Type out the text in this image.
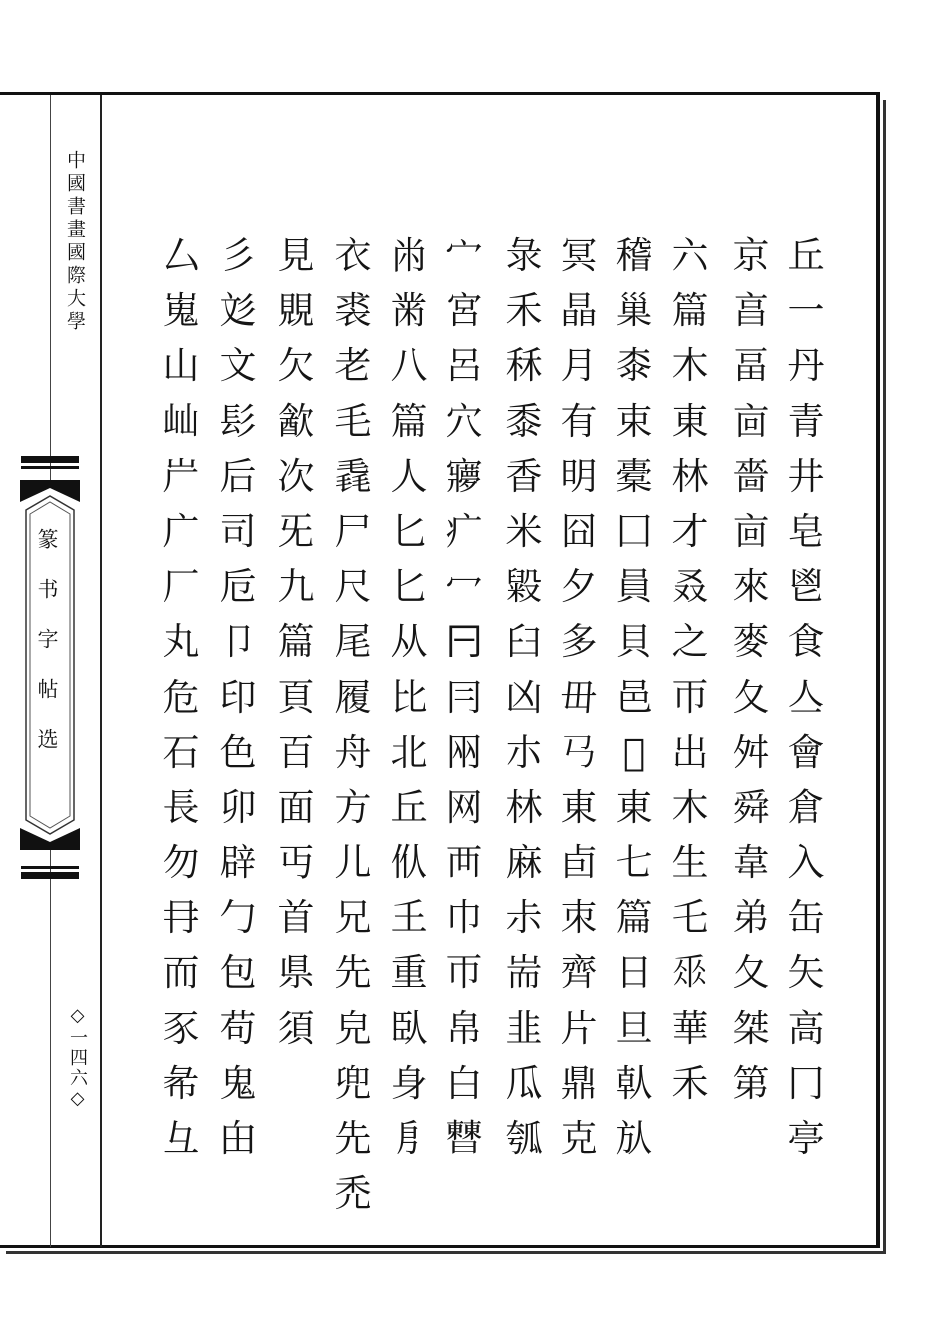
中國書畫國際大學
篆书字帖选
◇一四六◇
丘
一
丹
青
井
皂
鬯
食
亼
會
倉
入
缶
矢
高
冂
亭
京
亯
畐
㐭
嗇
㐭
來
麥
夂
舛
舜
韋
弟
夂
桀
第
六
篇
木
東
林
才
叒
之
帀
出
木
生
乇
𠂹
華
禾
稽
巢
桼
束
橐
囗
員
貝
邑
𨛜
東
七
篇
日
旦
倝
㫃
冥
晶
月
有
明
囧
夕
多
毌
𢎘
東
卣
朿
齊
片
鼎
克
彔
禾
秝
黍
香
米
毇
臼
凶
朩
林
麻
尗
耑
韭
瓜
瓠
宀
宮
呂
穴
㝱
疒
冖
𠔼
冃
㒳
网
襾
巾
帀
帛
白
𣍘
㡀
黹
八
篇
人
匕
匕
从
比
北
丘
㐺
𡈼
重
臥
身
㐆
衣
裘
老
毛
毳
尸
尺
尾
履
舟
方
儿
兄
先
皃
兜
先
禿
見
覞
欠
㱃
次
旡
九
篇
頁
百
面
丏
首
県
須
彡
彣
文
髟
后
司
卮
卩
印
色
卯
辟
勹
包
苟
鬼
甶
厶
嵬
山
屾
屵
广
厂
丸
危
石
長
勿
冄
而
豕
㣇
彑
